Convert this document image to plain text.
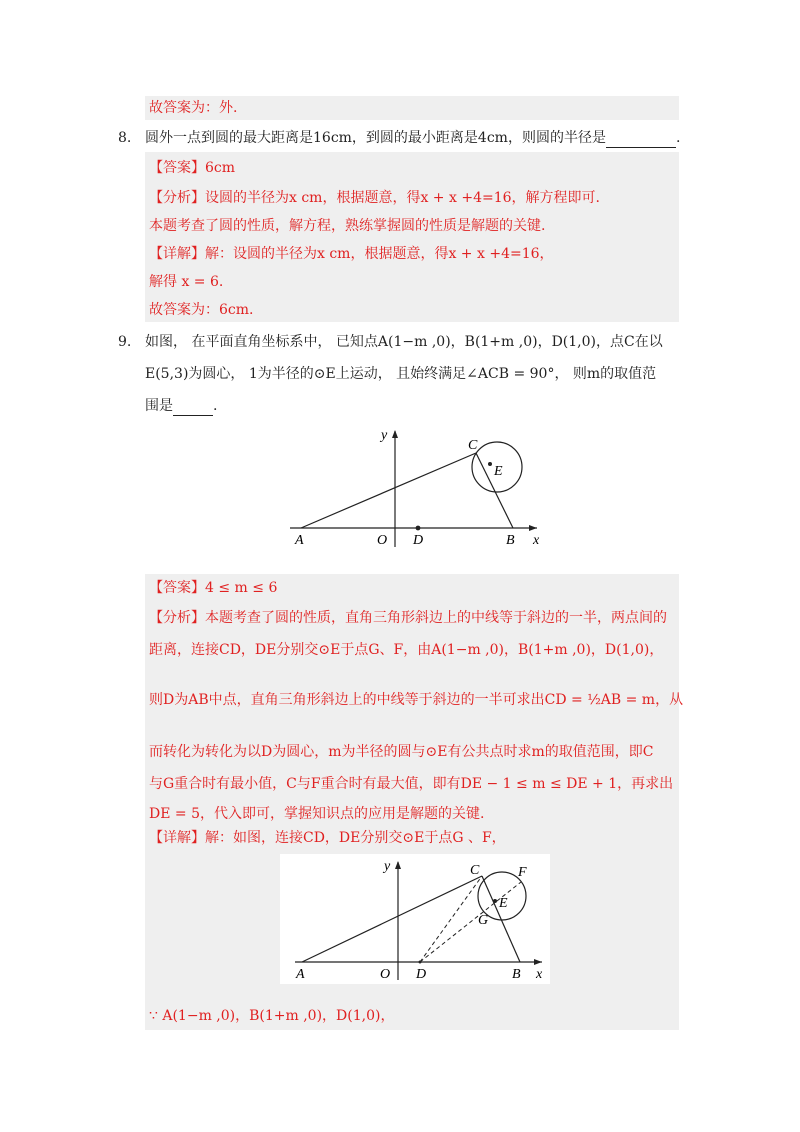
故答案为：外.
8. 圆外一点到圆的最大距离是16cm，到圆的最小距离是4cm，则圆的半径是	.
【答案】6cm
【分析】设圆的半径为x cm，根据题意，得x + x +4=16，解方程即可.
本题考查了圆的性质，解方程，熟练掌握圆的性质是解题的关键.
【详解】解：设圆的半径为x cm，根据题意，得x + x +4=16，
解得 x = 6.
故答案为：6cm.
9. 如图， 在平面直角坐标系中， 已知点A(1−m ,0)，B(1+m ,0)，D(1,0)，点C在以
E(5,3)为圆心， 1为半径的⊙E上运动， 且始终满足∠ACB = 90°， 则m的取值范
围是	.
y
x
A	O D	B
C
E
【答案】4 ≤ m ≤ 6
【分析】本题考查了圆的性质，直角三角形斜边上的中线等于斜边的一半，两点间的
距离，连接CD，DE分别交⊙E于点G、F，由A(1−m ,0)，B(1+m ,0)，D(1,0)，
则D为AB中点，直角三角形斜边上的中线等于斜边的一半可求出CD = ½AB = m，从
而转化为转化为以D为圆心，m为半径的圆与⊙E有公共点时求m的取值范围，即C
与G重合时有最小值，C与F重合时有最大值，即有DE − 1 ≤ m ≤ DE + 1，再求出
DE = 5，代入即可，掌握知识点的应用是解题的关键.
【详解】解：如图，连接CD，DE分别交⊙E于点G 、F，
y
x
A	O D	B
C
E
F
G
∵ A(1−m ,0)，B(1+m ,0)，D(1,0)，
